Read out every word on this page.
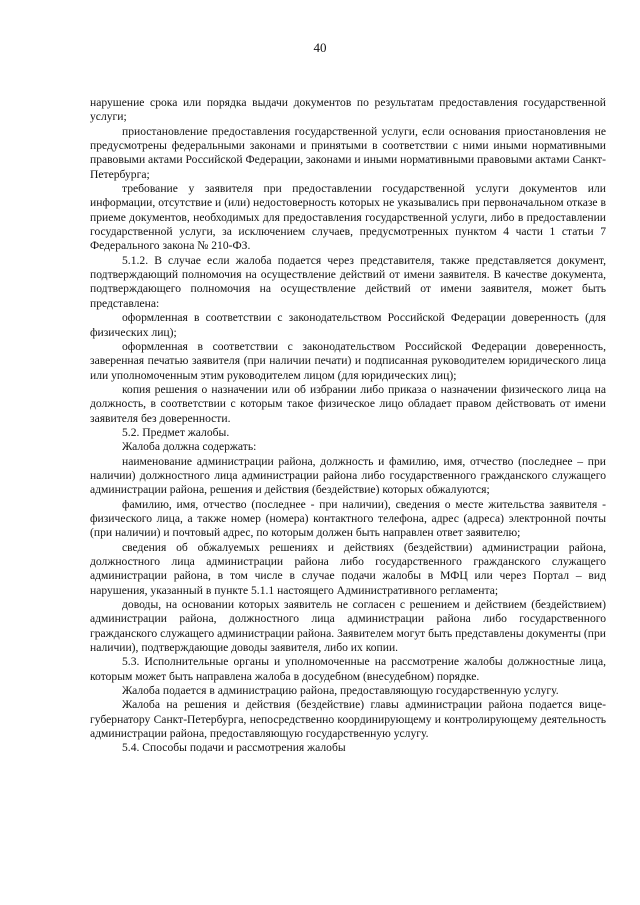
40

нарушение срока или порядка выдачи документов по результатам предоставления государственной услуги;

приостановление предоставления государственной услуги, если основания приостановления не предусмотрены федеральными законами и принятыми в соответствии с ними иными нормативными правовыми актами Российской Федерации, законами и иными нормативными правовыми актами Санкт-Петербурга;

требование у заявителя при предоставлении государственной услуги документов или информации, отсутствие и (или) недостоверность которых не указывались при первоначальном отказе в приеме документов, необходимых для предоставления государственной услуги, либо в предоставлении государственной услуги, за исключением случаев, предусмотренных пунктом 4 части 1 статьи 7 Федерального закона № 210-ФЗ.

5.1.2. В случае если жалоба подается через представителя, также представляется документ, подтверждающий полномочия на осуществление действий от имени заявителя. В качестве документа, подтверждающего полномочия на осуществление действий от имени заявителя, может быть представлена:

оформленная в соответствии с законодательством Российской Федерации доверенность (для физических лиц);

оформленная в соответствии с законодательством Российской Федерации доверенность, заверенная печатью заявителя (при наличии печати) и подписанная руководителем юридического лица или уполномоченным этим руководителем лицом (для юридических лиц);

копия решения о назначении или об избрании либо приказа о назначении физического лица на должность, в соответствии с которым такое физическое лицо обладает правом действовать от имени заявителя без доверенности.

5.2. Предмет жалобы.

Жалоба должна содержать:

наименование администрации района, должность и фамилию, имя, отчество (последнее – при наличии) должностного лица администрации района либо государственного гражданского служащего администрации района, решения и действия (бездействие) которых обжалуются;

фамилию, имя, отчество (последнее - при наличии), сведения о месте жительства заявителя - физического лица, а также номер (номера) контактного телефона, адрес (адреса) электронной почты (при наличии) и почтовый адрес, по которым должен быть направлен ответ заявителю;

сведения об обжалуемых решениях и действиях (бездействии) администрации района, должностного лица администрации района либо государственного гражданского служащего администрации района, в том числе в случае подачи жалобы в МФЦ или через Портал – вид нарушения, указанный в пункте 5.1.1 настоящего Административного регламента;

доводы, на основании которых заявитель не согласен с решением и действием (бездействием) администрации района, должностного лица администрации района либо государственного гражданского служащего администрации района. Заявителем могут быть представлены документы (при наличии), подтверждающие доводы заявителя, либо их копии.

5.3. Исполнительные органы и уполномоченные на рассмотрение жалобы должностные лица, которым может быть направлена жалоба в досудебном (внесудебном) порядке.

Жалоба подается в администрацию района, предоставляющую государственную услугу.

Жалоба на решения и действия (бездействие) главы администрации района подается вице-губернатору Санкт-Петербурга, непосредственно координирующему и контролирующему деятельность администрации района, предоставляющую государственную услугу.

5.4. Способы подачи и рассмотрения жалобы
